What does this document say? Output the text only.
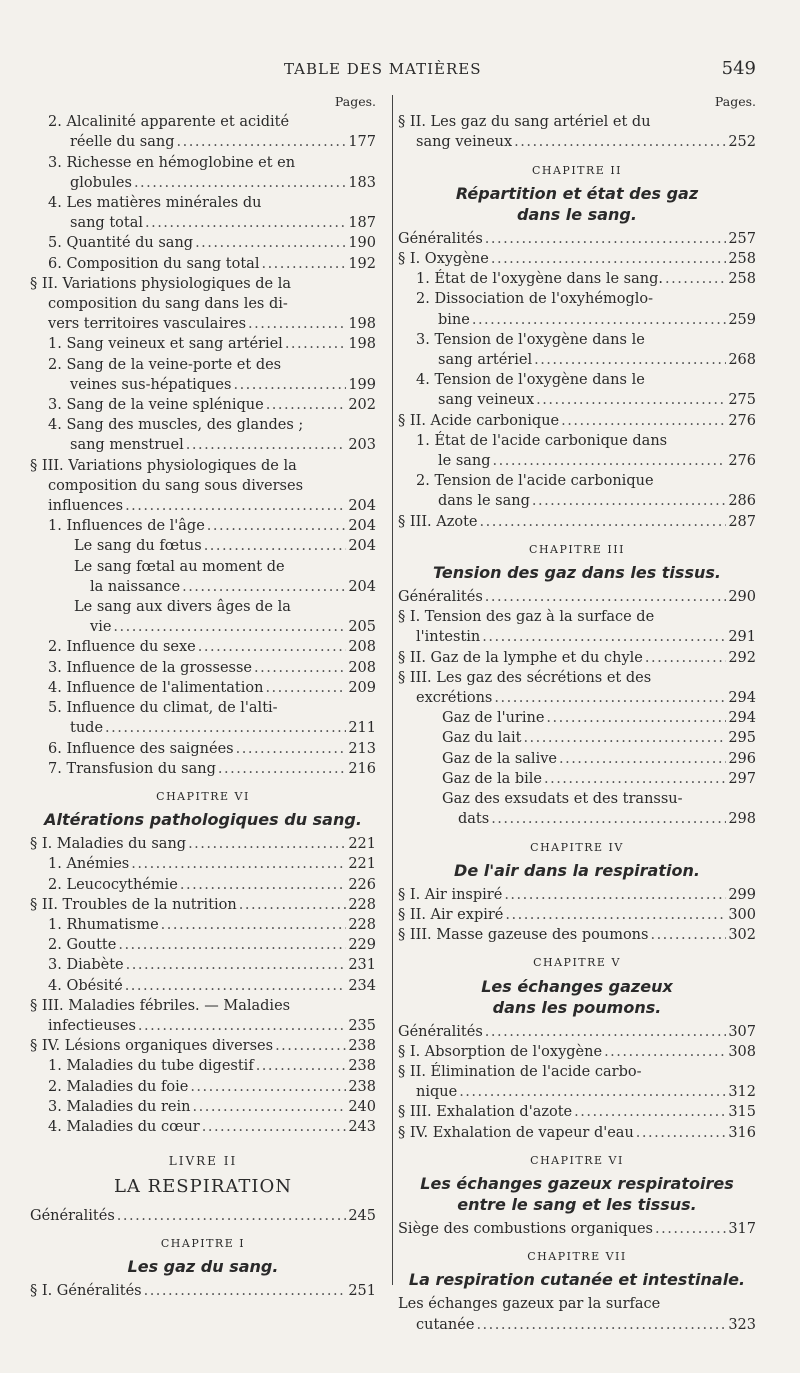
TABLE DES MATIÈRES	549
Pages.
2. Alcalinité apparente et acidité
réelle du sang .....	177
3. Richesse en hémoglobine et en
globules .....	183
4. Les matières minérales du
sang total .....	187
5. Quantité du sang .....	190
6. Composition du sang total .....	192
§ II. Variations physiologiques de la
composition du sang dans les di-
vers territoires vasculaires .....	198
1. Sang veineux et sang artériel .....	198
2. Sang de la veine-porte et des
veines sus-hépatiques .....	199
3. Sang de la veine splénique .....	202
4. Sang des muscles, des glandes ;
sang menstruel .....	203
§ III. Variations physiologiques de la
composition du sang sous diverses
influences .....	204
1. Influences de l'âge .....	204
Le sang du fœtus .....	204
Le sang fœtal au moment de
la naissance .....	204
Le sang aux divers âges de la
vie .....	205
2. Influence du sexe .....	208
3. Influence de la grossesse .....	208
4. Influence de l'alimentation .....	209
5. Influence du climat, de l'alti-
tude .....	211
6. Influence des saignées .....	213
7. Transfusion du sang .....	216
CHAPITRE VI
Altérations pathologiques du sang.
§ I. Maladies du sang .....	221
1. Anémies .....	221
2. Leucocythémie .....	226
§ II. Troubles de la nutrition .....	228
1. Rhumatisme .....	228
2. Goutte .....	229
3. Diabète .....	231
4. Obésité .....	234
§ III. Maladies fébriles. — Maladies
infectieuses .....	235
§ IV. Lésions organiques diverses .....	238
1. Maladies du tube digestif .....	238
2. Maladies du foie .....	238
3. Maladies du rein .....	240
4. Maladies du cœur .....	243
LIVRE II
LA RESPIRATION
Généralités .....	245
CHAPITRE I
Les gaz du sang.
§ I. Généralités .....	251
Pages.
§ II. Les gaz du sang artériel et du
sang veineux .....	252
CHAPITRE II
Répartition et état des gaz
dans le sang.
Généralités .....	257
§ I. Oxygène .....	258
1. État de l'oxygène dans le sang. .....	258
2. Dissociation de l'oxyhémoglo-
bine .....	259
3. Tension de l'oxygène dans le
sang artériel .....	268
4. Tension de l'oxygène dans le
sang veineux .....	275
§ II. Acide carbonique .....	276
1. État de l'acide carbonique dans
le sang .....	276
2. Tension de l'acide carbonique
dans le sang .....	286
§ III. Azote .....	287
CHAPITRE III
Tension des gaz dans les tissus.
Généralités .....	290
§ I. Tension des gaz à la surface de
l'intestin .....	291
§ II. Gaz de la lymphe et du chyle .....	292
§ III. Les gaz des sécrétions et des
excrétions .....	294
Gaz de l'urine .....	294
Gaz du lait .....	295
Gaz de la salive .....	296
Gaz de la bile .....	297
Gaz des exsudats et des transsu-
dats .....	298
CHAPITRE IV
De l'air dans la respiration.
§ I. Air inspiré .....	299
§ II. Air expiré .....	300
§ III. Masse gazeuse des poumons .....	302
CHAPITRE V
Les échanges gazeux
dans les poumons.
Généralités .....	307
§ I. Absorption de l'oxygène .....	308
§ II. Élimination de l'acide carbo-
nique .....	312
§ III. Exhalation d'azote .....	315
§ IV. Exhalation de vapeur d'eau .....	316
CHAPITRE VI
Les échanges gazeux respiratoires
entre le sang et les tissus.
Siège des combustions organiques .....	317
CHAPITRE VII
La respiration cutanée et intestinale.
Les échanges gazeux par la surface
cutanée .....	323
